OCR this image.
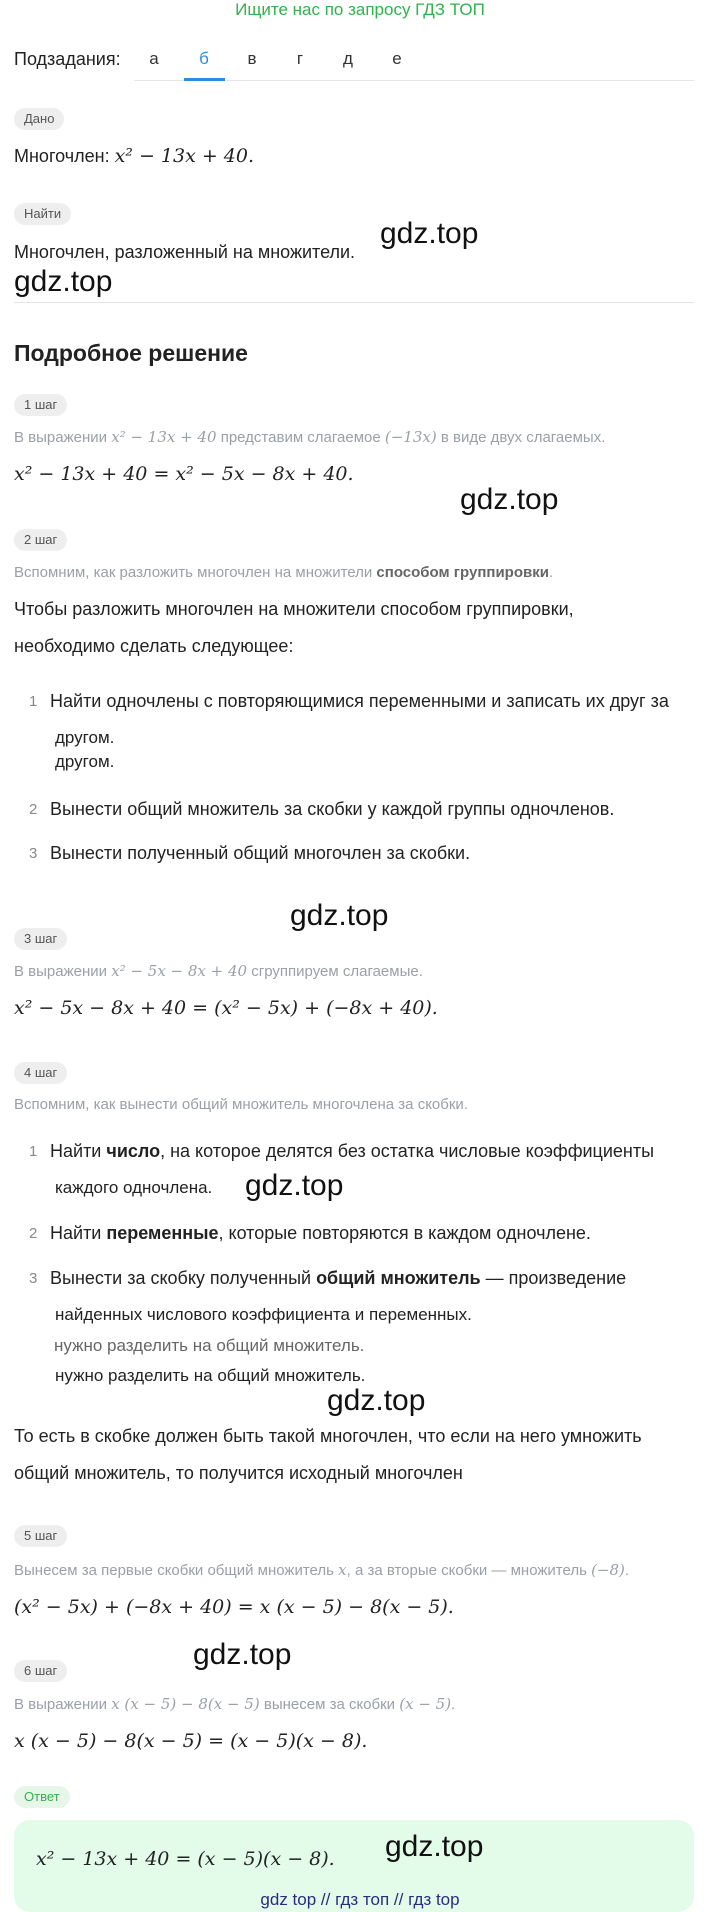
Ищите нас по запросу ГДЗ ТОП
Подзадания:	а	б	в	г	д	е
Дано
Многочлен: x² − 13x + 40.
Найти
Многочлен, разложенный на множители.
gdz.top
gdz.top
Подробное решение
1 шаг
В выражении x² − 13x + 40 представим слагаемое (−13x) в виде двух слагаемых.
x² − 13x + 40 = x² − 5x − 8x + 40.
gdz.top
2 шаг
Вспомним, как разложить многочлен на множители способом группировки.
Чтобы разложить многочлен на множители способом группировки,
необходимо сделать следующее:
1 Найти одночлены с повторяющимися переменными и записать их друг за
другом.
другом.
2 Вынести общий множитель за скобки у каждой группы одночленов.
3 Вынести полученный общий многочлен за скобки.
gdz.top
3 шаг
В выражении x² − 5x − 8x + 40 сгруппируем слагаемые.
x² − 5x − 8x + 40 = (x² − 5x) + (−8x + 40).
4 шаг
Вспомним, как вынести общий множитель многочлена за скобки.
1 Найти число, на которое делятся без остатка числовые коэффициенты
каждого одночлена. gdz.top
2 Найти переменные, которые повторяются в каждом одночлене.
3 Вынести за скобку полученный общий множитель — произведение
найденных числового коэффициента и переменных.
нужно разделить на общий множитель.
нужно разделить на общий множитель.
gdz.top
То есть в скобке должен быть такой многочлен, что если на него умножить
общий множитель, то получится исходный многочлен
5 шаг
Вынесем за первые скобки общий множитель x, а за вторые скобки — множитель (−8).
(x² − 5x) + (−8x + 40) = x (x − 5) − 8(x − 5).
gdz.top
6 шаг
В выражении x (x − 5) − 8(x − 5) вынесем за скобки (x − 5).
x (x − 5) − 8(x − 5) = (x − 5)(x − 8).
Ответ
x² − 13x + 40 = (x − 5)(x − 8). gdz.top
gdz top // гдз топ // гдз top
